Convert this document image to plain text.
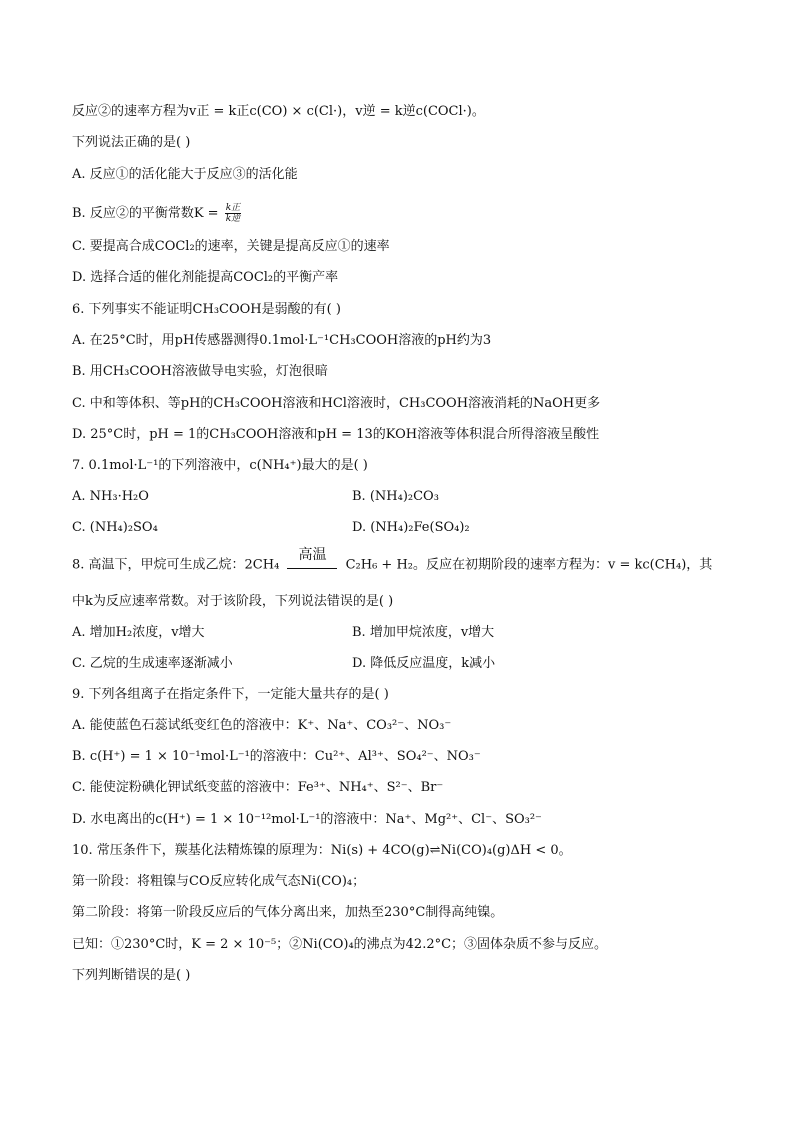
反应②的速率方程为v正 = k正c(CO) × c(Cl·)，v逆 = k逆c(COCl·)。
下列说法正确的是( )
A. 反应①的活化能大于反应③的活化能
B. 反应②的平衡常数$K = \frac{\text{k正}}{\text{k逆}}$
C. 要提高合成COCl₂的速率，关键是提高反应①的速率
D. 选择合适的催化剂能提高COCl₂的平衡产率
6. 下列事实不能证明CH₃COOH是弱酸的有( )
A. 在25°C时，用pH传感器测得0.1mol·L⁻¹CH₃COOH溶液的pH约为3
B. 用CH₃COOH溶液做导电实验，灯泡很暗
C. 中和等体积、等pH的CH₃COOH溶液和HCl溶液时，CH₃COOH溶液消耗的NaOH更多
D. 25°C时，pH = 1的CH₃COOH溶液和pH = 13的KOH溶液等体积混合所得溶液呈酸性
7. 0.1mol·L⁻¹的下列溶液中，c(NH₄⁺)最大的是( )
A. NH₃·H₂O	B. (NH₄)₂CO₃
C. (NH₄)₂SO₄	D. (NH₄)₂Fe(SO₄)₂
8. 高温下，甲烷可生成乙烷：2CH₄
高温
C₂H₆ + H₂。反应在初期阶段的速率方程为：v = kc(CH₄)，其
中k为反应速率常数。对于该阶段，下列说法错误的是( )
A. 增加H₂浓度，v增大	B. 增加甲烷浓度，v增大
C. 乙烷的生成速率逐渐减小	D. 降低反应温度，k减小
9. 下列各组离子在指定条件下，一定能大量共存的是( )
A. 能使蓝色石蕊试纸变红色的溶液中：K⁺、Na⁺、CO₃²⁻、NO₃⁻
B. c(H⁺) = 1 × 10⁻¹mol·L⁻¹的溶液中：Cu²⁺、Al³⁺、SO₄²⁻、NO₃⁻
C. 能使淀粉碘化钾试纸变蓝的溶液中：Fe³⁺、NH₄⁺、S²⁻、Br⁻
D. 水电离出的c(H⁺) = 1 × 10⁻¹²mol·L⁻¹的溶液中：Na⁺、Mg²⁺、Cl⁻、SO₃²⁻
10. 常压条件下，羰基化法精炼镍的原理为：Ni(s) + 4CO(g)⇌Ni(CO)₄(g)ΔH < 0。
第一阶段：将粗镍与CO反应转化成气态Ni(CO)₄；
第二阶段：将第一阶段反应后的气体分离出来，加热至230°C制得高纯镍。
已知：①230°C时，K = 2 × 10⁻⁵；②Ni(CO)₄的沸点为42.2°C；③固体杂质不参与反应。
下列判断错误的是( )
